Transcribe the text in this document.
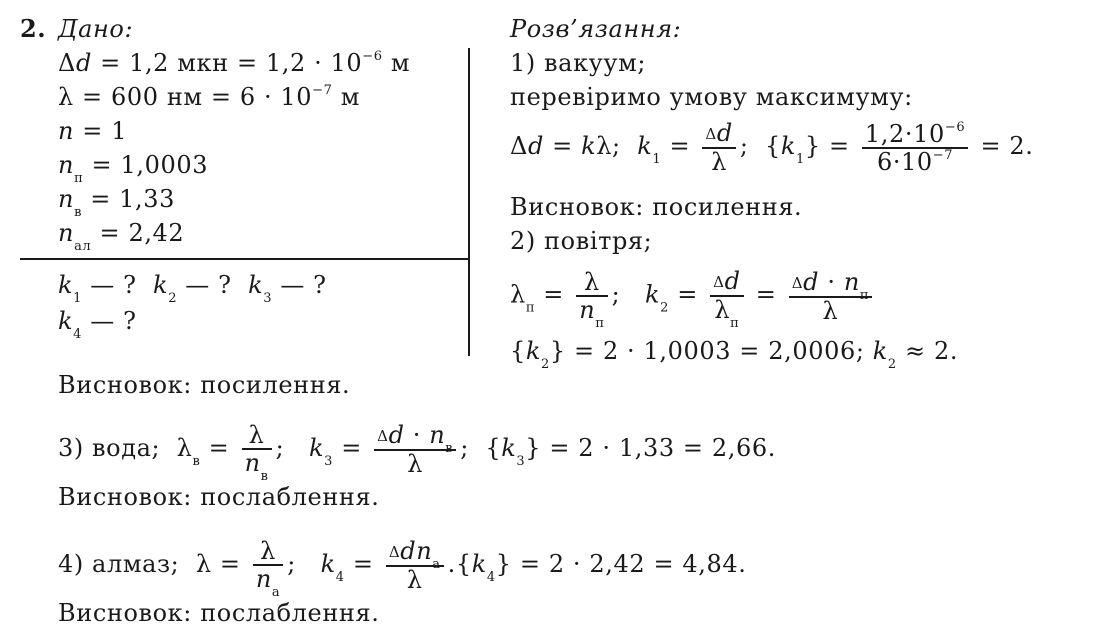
2. Дано:	Розв’язання:
Δd = 1,2 мкн = $1,2 \cdot 10^{-6}$ м
λ = 600 нм = $6 \cdot 10^{-7}$ м
n = 1
$n_п = 1,0003$
$n_в = 1,33$
$n_{ал} = 2,42$
$k_1$ — ? $k_2$ — ? $k_3$ — ?
$k_4$ — ?
1) вакуум;
перевіримо умову максимуму:
Δd = kλ;  $k_1 = \frac{\Delta d}{\lambda}$ ;  $\{k_1\} = \frac{1,2\cdot 10^{-6}}{6\cdot 10^{-7}} = 2$.
Висновок: посилення.
2) повітря;
$\lambda_п = \frac{\lambda}{n_п}$ ;   $k_2 = \frac{\Delta d}{\lambda_п} = \frac{\Delta d \cdot n_п}{\lambda}$
$\{k_2\} = 2 \cdot 1,0003 = 2,0006$; $k_2 \approx 2$.
Висновок: посилення.
3) вода;  $\lambda_в = \frac{\lambda}{n_в}$ ;   $k_3 = \frac{\Delta d \cdot n_в}{\lambda}$ ;  $\{k_3\} = 2 \cdot 1,33 = 2,66$.
Висновок: послаблення.
4) алмаз;  $\lambda = \frac{\lambda}{n_а}$ ;   $k_4 = \frac{\Delta dn_а}{\lambda} .\{k_4\} = 2 \cdot 2,42 = 4,84$.
Висновок: послаблення.
